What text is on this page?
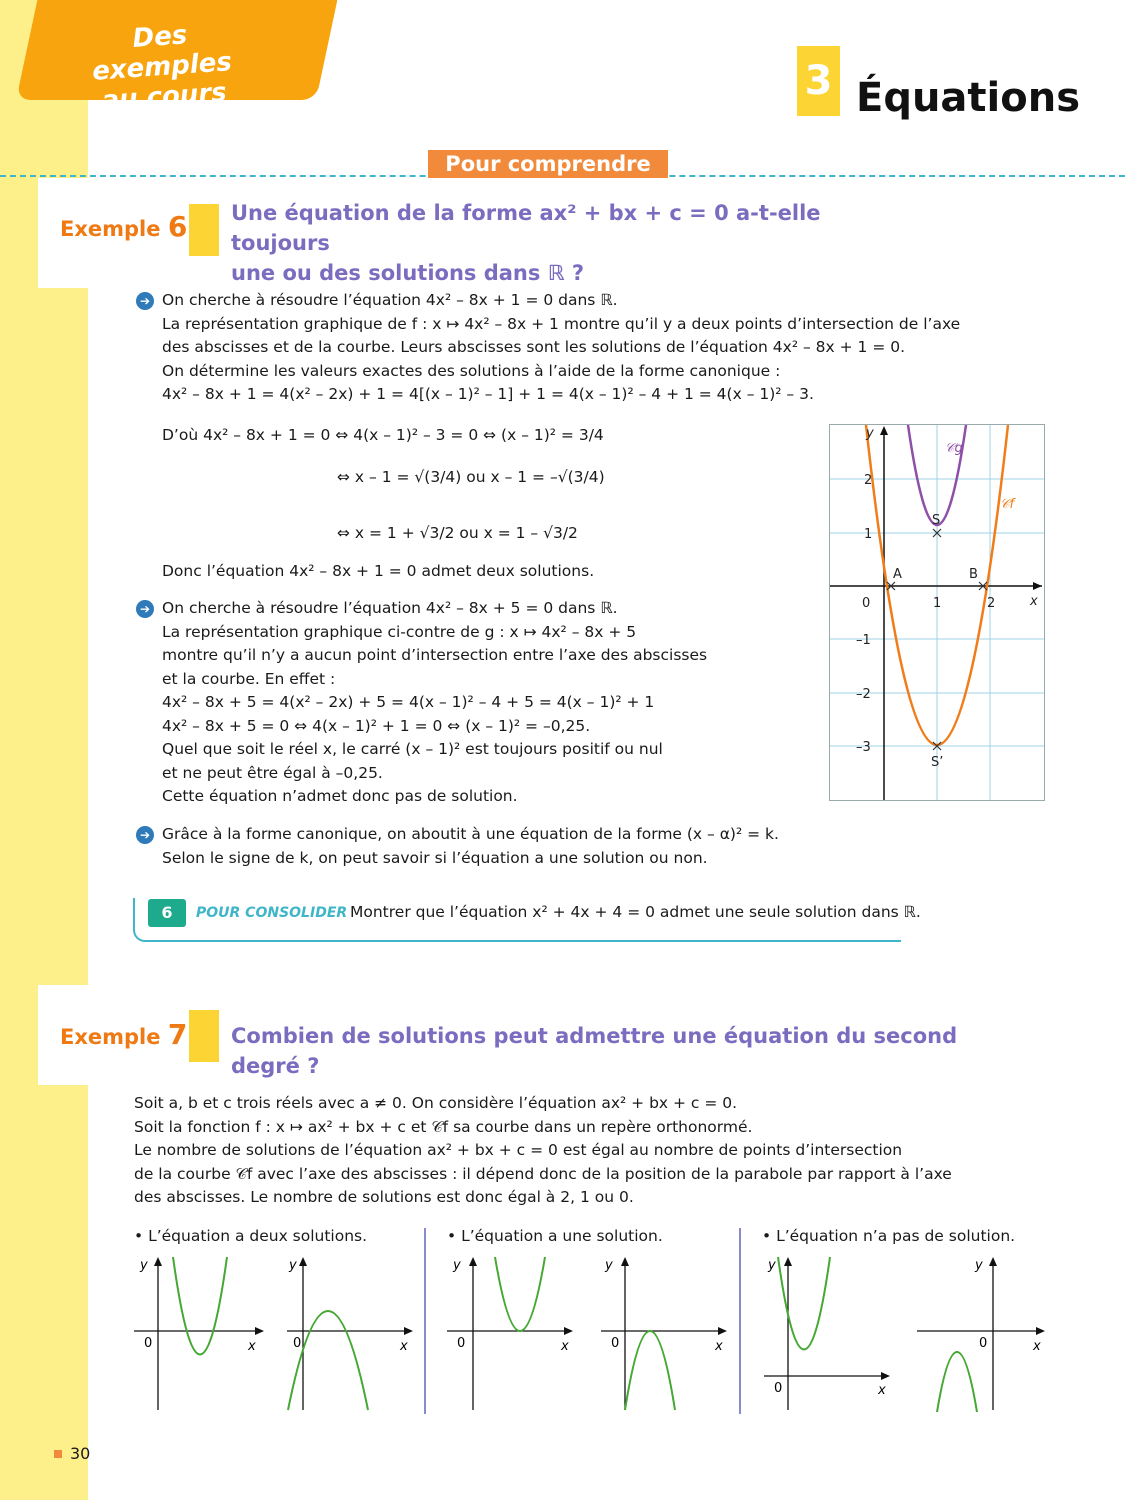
Des exemples
au cours	3 Équations
Pour comprendre
Exemple 6 Une équation de la forme ax² + bx + c = 0 a-t-elle toujours
une ou des solutions dans ℝ ?
➔ On cherche à résoudre l’équation 4x² – 8x + 1 = 0 dans ℝ.
La représentation graphique de f : x ↦ 4x² – 8x + 1 montre qu’il y a deux points d’intersection de l’axe
des abscisses et de la courbe. Leurs abscisses sont les solutions de l’équation 4x² – 8x + 1 = 0.
On détermine les valeurs exactes des solutions à l’aide de la forme canonique :
4x² – 8x + 1 = 4(x² – 2x) + 1 = 4[(x – 1)² – 1] + 1 = 4(x – 1)² – 4 + 1 = 4(x – 1)² – 3.
D’où 4x² – 8x + 1 = 0 ⇔ 4(x – 1)² – 3 = 0 ⇔ (x – 1)² = 3/4
⇔ x – 1 = √(3/4) ou x – 1 = –√(3/4)
⇔ x = 1 + √3/2 ou x = 1 – √3/2
Donc l’équation 4x² – 8x + 1 = 0 admet deux solutions.
➔ On cherche à résoudre l’équation 4x² – 8x + 5 = 0 dans ℝ.
La représentation graphique ci-contre de g : x ↦ 4x² – 8x + 5
montre qu’il n’y a aucun point d’intersection entre l’axe des abscisses
et la courbe. En effet :
4x² – 8x + 5 = 4(x² – 2x) + 5 = 4(x – 1)² – 4 + 5 = 4(x – 1)² + 1
4x² – 8x + 5 = 0 ⇔ 4(x – 1)² + 1 = 0 ⇔ (x – 1)² = –0,25.
Quel que soit le réel x, le carré (x – 1)² est toujours positif ou nul
et ne peut être égal à –0,25.
Cette équation n’admet donc pas de solution.
y
x
2
1
0
–1
–2
–3
1	2
𝒞g
𝒞f
S
A	B
S’
➔ Grâce à la forme canonique, on aboutit à une équation de la forme (x – α)² = k.
Selon le signe de k, on peut savoir si l’équation a une solution ou non.
6	POUR CONSOLIDER Montrer que l’équation x² + 4x + 4 = 0 admet une seule solution dans ℝ.
Exemple 7 Combien de solutions peut admettre une équation du second degré ?
Soit a, b et c trois réels avec a ≠ 0. On considère l’équation ax² + bx + c = 0.
Soit la fonction f : x ↦ ax² + bx + c et 𝒞f sa courbe dans un repère orthonormé.
Le nombre de solutions de l’équation ax² + bx + c = 0 est égal au nombre de points d’intersection
de la courbe 𝒞f avec l’axe des abscisses : il dépend donc de la position de la parabole par rapport à l’axe
des abscisses. Le nombre de solutions est donc égal à 2, 1 ou 0.
• L’équation a deux solutions.	• L’équation a une solution.	• L’équation n’a pas de solution.
y
x
0
y
x
0
y
x
0
y
x
0
y
x
0
y
x
0
30
